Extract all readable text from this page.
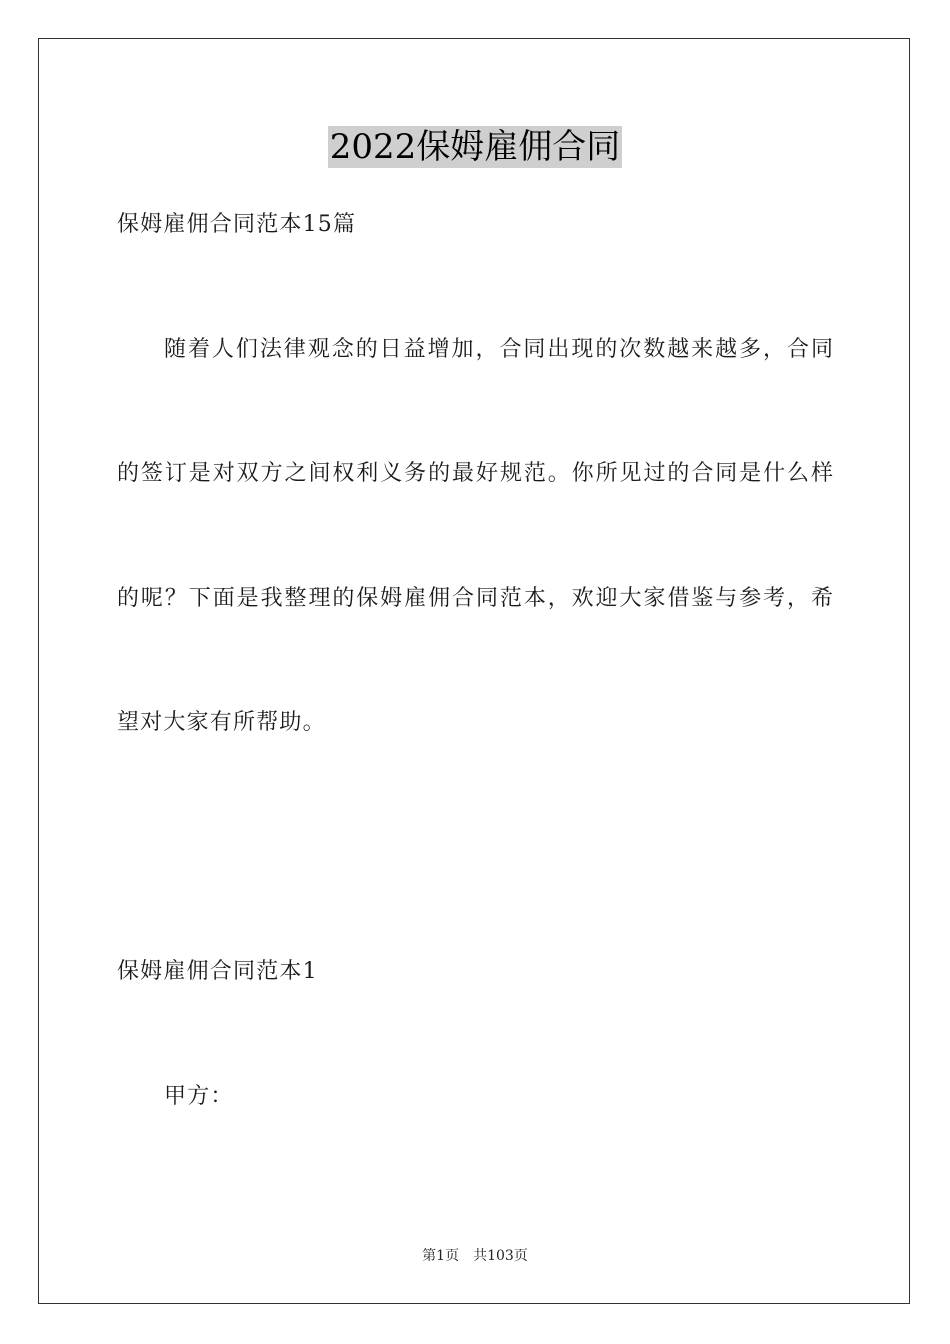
2022保姆雇佣合同
保姆雇佣合同范本15篇
随着人们法律观念的日益增加，合同出现的次数越来越多，合同
的签订是对双方之间权利义务的最好规范。你所见过的合同是什么样
的呢？下面是我整理的保姆雇佣合同范本，欢迎大家借鉴与参考，希
望对大家有所帮助。
保姆雇佣合同范本1
甲方：
第1页 共103页
